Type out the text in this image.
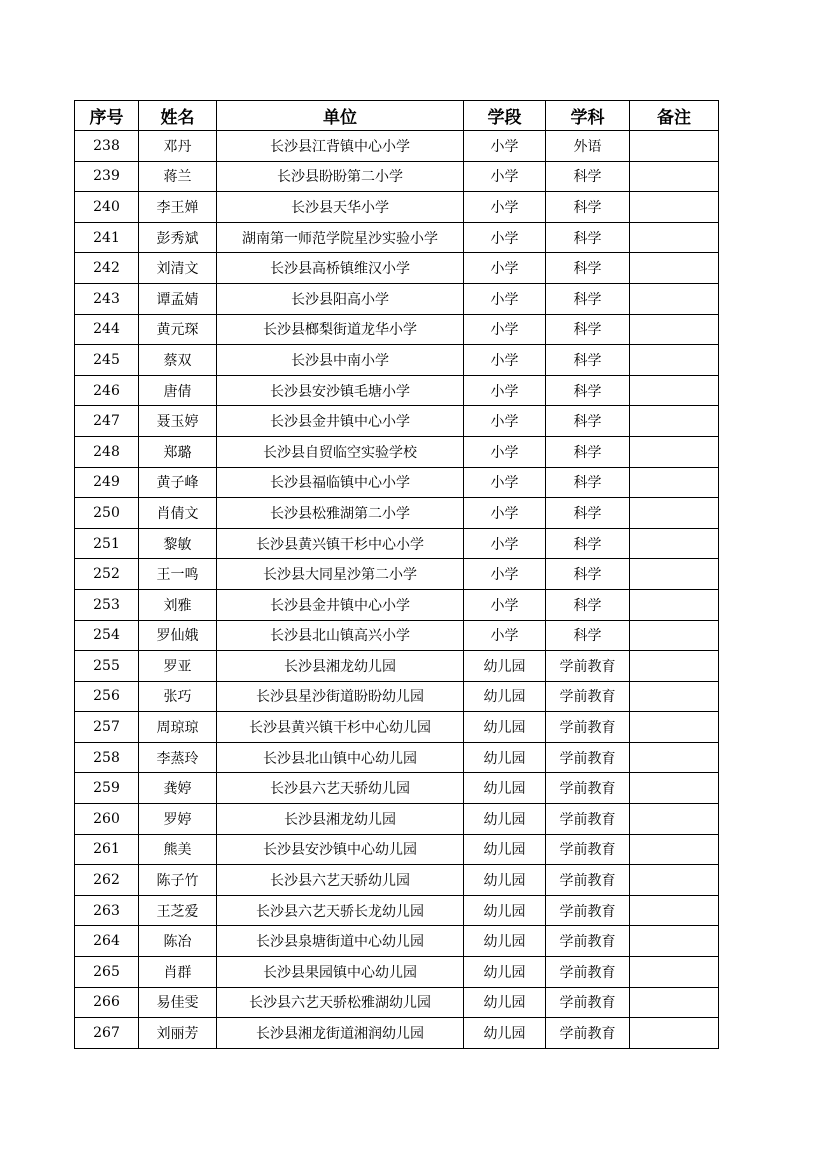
序号	姓名	单位	学段	学科	备注
238	邓丹	长沙县江背镇中心小学	小学	外语	
239	蒋兰	长沙县盼盼第二小学	小学	科学	
240	李王婵	长沙县天华小学	小学	科学	
241	彭秀斌	湖南第一师范学院星沙实验小学	小学	科学	
242	刘清文	长沙县高桥镇维汉小学	小学	科学	
243	谭孟婧	长沙县阳高小学	小学	科学	
244	黄元琛	长沙县榔梨街道龙华小学	小学	科学	
245	蔡双	长沙县中南小学	小学	科学	
246	唐倩	长沙县安沙镇毛塘小学	小学	科学	
247	聂玉婷	长沙县金井镇中心小学	小学	科学	
248	郑璐	长沙县自贸临空实验学校	小学	科学	
249	黄子峰	长沙县福临镇中心小学	小学	科学	
250	肖倩文	长沙县松雅湖第二小学	小学	科学	
251	黎敏	长沙县黄兴镇干杉中心小学	小学	科学	
252	王一鸣	长沙县大同星沙第二小学	小学	科学	
253	刘雅	长沙县金井镇中心小学	小学	科学	
254	罗仙娥	长沙县北山镇高兴小学	小学	科学	
255	罗亚	长沙县湘龙幼儿园	幼儿园	学前教育	
256	张巧	长沙县星沙街道盼盼幼儿园	幼儿园	学前教育	
257	周琼琼	长沙县黄兴镇干杉中心幼儿园	幼儿园	学前教育	
258	李蒸玲	长沙县北山镇中心幼儿园	幼儿园	学前教育	
259	龚婷	长沙县六艺天骄幼儿园	幼儿园	学前教育	
260	罗婷	长沙县湘龙幼儿园	幼儿园	学前教育	
261	熊美	长沙县安沙镇中心幼儿园	幼儿园	学前教育	
262	陈子竹	长沙县六艺天骄幼儿园	幼儿园	学前教育	
263	王芝爱	长沙县六艺天骄长龙幼儿园	幼儿园	学前教育	
264	陈冶	长沙县泉塘街道中心幼儿园	幼儿园	学前教育	
265	肖群	长沙县果园镇中心幼儿园	幼儿园	学前教育	
266	易佳雯	长沙县六艺天骄松雅湖幼儿园	幼儿园	学前教育	
267	刘丽芳	长沙县湘龙街道湘润幼儿园	幼儿园	学前教育	
